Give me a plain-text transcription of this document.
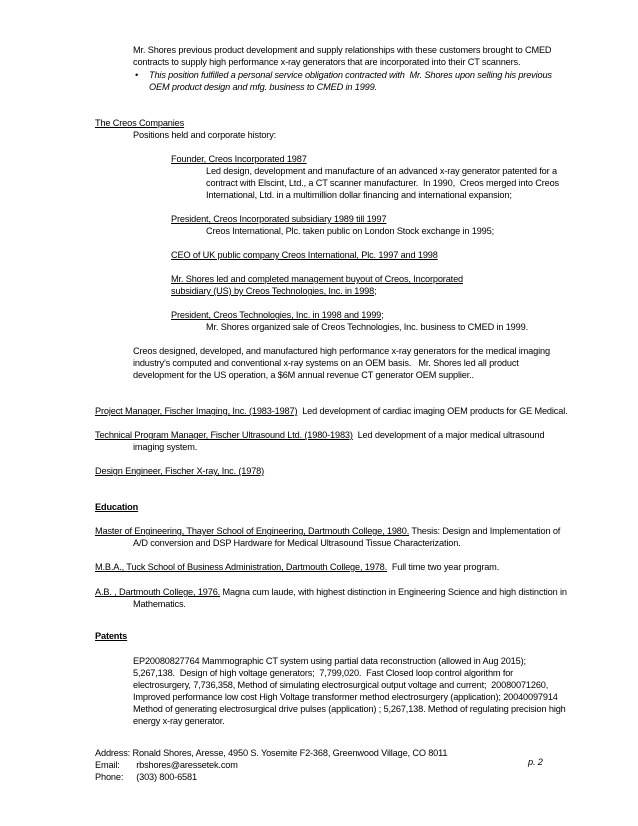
Mr. Shores previous product development and supply relationships with these customers brought to CMED
contracts to supply high performance x-ray generators that are incorporated into their CT scanners.
• This position fulfilled a personal service obligation contracted with  Mr. Shores upon selling his previous
OEM product design and mfg. business to CMED in 1999.
The Creos Companies
Positions held and corporate history:
Founder, Creos Incorporated 1987
Led design, development and manufacture of an advanced x-ray generator patented for a
contract with Elscint, Ltd., a CT scanner manufacturer.  In 1990,  Creos merged into Creos
International, Ltd. in a multimillion dollar financing and international expansion;
President, Creos Incorporated subsidiary 1989 till 1997
Creos International, Plc. taken public on London Stock exchange in 1995;
CEO of UK public company Creos International, Plc. 1997 and 1998
Mr. Shores led and completed management buyout of Creos, Incorporated
subsidiary (US) by Creos Technologies, Inc. in 1998;
President, Creos Technologies, Inc. in 1998 and 1999;
Mr. Shores organized sale of Creos Technologies, Inc. business to CMED in 1999.
Creos designed, developed, and manufactured high performance x-ray generators for the medical imaging
industry's computed and conventional x-ray systems on an OEM basis.   Mr. Shores led all product
development for the US operation, a $6M annual revenue CT generator OEM supplier..
Project Manager, Fischer Imaging, Inc. (1983-1987)  Led development of cardiac imaging OEM products for GE Medical.
Technical Program Manager, Fischer Ultrasound Ltd. (1980-1983)  Led development of a major medical ultrasound
imaging system.
Design Engineer, Fischer X-ray, Inc. (1978)
Education
Master of Engineering, Thayer School of Engineering, Dartmouth College, 1980. Thesis: Design and Implementation of
A/D conversion and DSP Hardware for Medical Ultrasound Tissue Characterization.
M.B.A., Tuck School of Business Administration, Dartmouth College, 1978.  Full time two year program.
A.B. , Dartmouth College, 1976. Magna cum laude, with highest distinction in Engineering Science and high distinction in
Mathematics.
Patents
EP20080827764 Mammographic CT system using partial data reconstruction (allowed in Aug 2015);
5,267,138.  Design of high voltage generators;  7,799,020.  Fast Closed loop control algorithm for
electrosurgery, 7,736,358, Method of simulating electrosurgical output voltage and current;  20080071260,
Improved performance low cost High Voltage transformer method electrosurgery (application); 20040097914
Method of generating electrosurgical drive pulses (application) ; 5,267,138. Method of regulating precision high
energy x-ray generator.
Address: Ronald Shores, Aresse, 4950 S. Yosemite F2-368, Greenwood Village, CO 8011
Email:   rbshores@aressetek.com
Phone:   (303) 800-6581
p. 2
